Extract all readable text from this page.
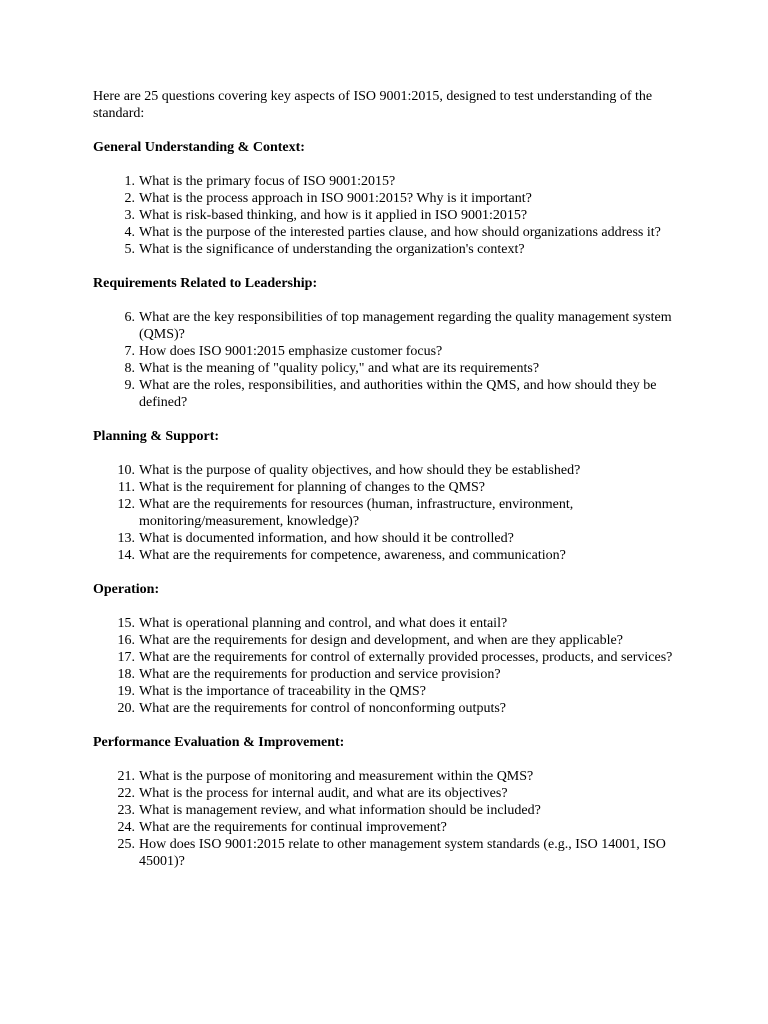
Here are 25 questions covering key aspects of ISO 9001:2015, designed to test understanding of the standard:

General Understanding & Context:

1. What is the primary focus of ISO 9001:2015?
2. What is the process approach in ISO 9001:2015? Why is it important?
3. What is risk-based thinking, and how is it applied in ISO 9001:2015?
4. What is the purpose of the interested parties clause, and how should organizations address it?
5. What is the significance of understanding the organization's context?

Requirements Related to Leadership:

6. What are the key responsibilities of top management regarding the quality management system (QMS)?
7. How does ISO 9001:2015 emphasize customer focus?
8. What is the meaning of "quality policy," and what are its requirements?
9. What are the roles, responsibilities, and authorities within the QMS, and how should they be defined?

Planning & Support:

10. What is the purpose of quality objectives, and how should they be established?
11. What is the requirement for planning of changes to the QMS?
12. What are the requirements for resources (human, infrastructure, environment, monitoring/measurement, knowledge)?
13. What is documented information, and how should it be controlled?
14. What are the requirements for competence, awareness, and communication?

Operation:

15. What is operational planning and control, and what does it entail?
16. What are the requirements for design and development, and when are they applicable?
17. What are the requirements for control of externally provided processes, products, and services?
18. What are the requirements for production and service provision?
19. What is the importance of traceability in the QMS?
20. What are the requirements for control of nonconforming outputs?

Performance Evaluation & Improvement:

21. What is the purpose of monitoring and measurement within the QMS?
22. What is the process for internal audit, and what are its objectives?
23. What is management review, and what information should be included?
24. What are the requirements for continual improvement?
25. How does ISO 9001:2015 relate to other management system standards (e.g., ISO 14001, ISO 45001)?
